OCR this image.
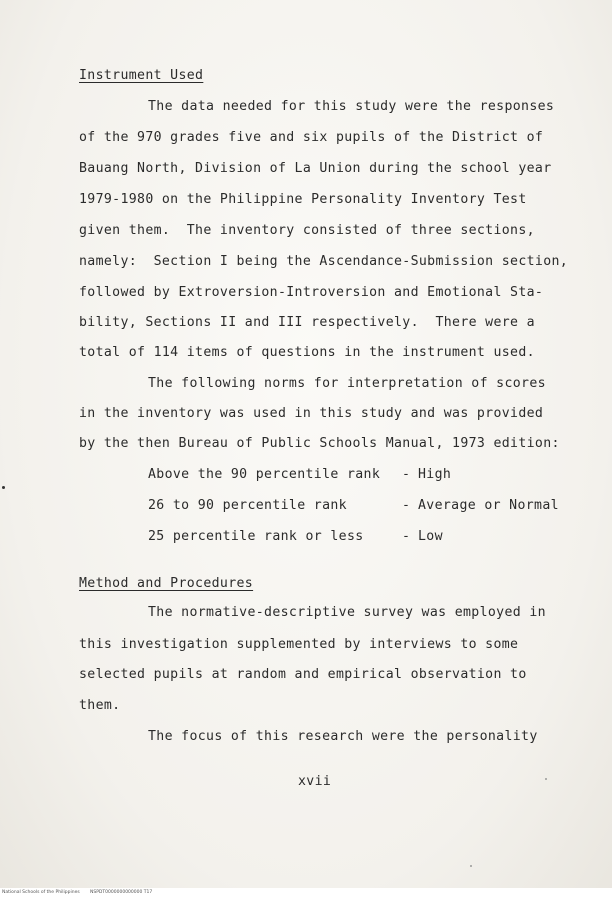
Instrument Used
The data needed for this study were the responses
of the 970 grades five and six pupils of the District of
Bauang North, Division of La Union during the school year
1979-1980 on the Philippine Personality Inventory Test
given them.  The inventory consisted of three sections,
namely:  Section I being the Ascendance-Submission section,
followed by Extroversion-Introversion and Emotional Sta-
bility, Sections II and III respectively.  There were a
total of 114 items of questions in the instrument used.
The following norms for interpretation of scores
in the inventory was used in this study and was provided
by the then Bureau of Public Schools Manual, 1973 edition:
Above the 90 percentile rank - High
26 to 90 percentile rank	- Average or Normal
25 percentile rank or less	- Low
Method and Procedures
The normative-descriptive survey was employed in
this investigation supplemented by interviews to some
selected pupils at random and empirical observation to
them.
The focus of this research were the personality
xvii
National Schools of the Philippines NSPDT0000000000000 T17
